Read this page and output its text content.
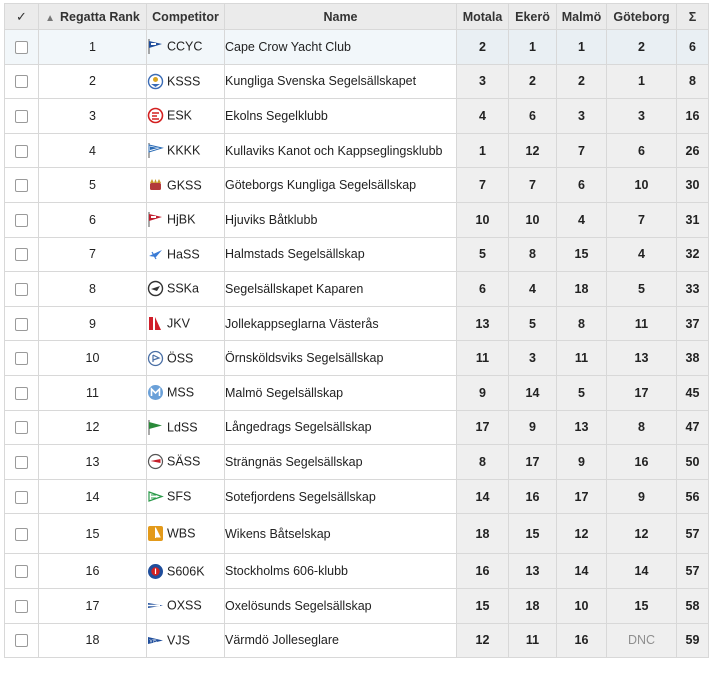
✓	▲ Regatta Rank	Competitor	Name	Motala	Ekerö	Malmö	Göteborg	Σ
	1	CCYC	Cape Crow Yacht Club	2	1	1	2	6
	2	KSSS	Kungliga Svenska Segelsällskapet	3	2	2	1	8
	3	ESK	Ekolns Segelklubb	4	6	3	3	16
	4	KKKK	Kullaviks Kanot och Kappseglingsklubb	1	12	7	6	26
	5	GKSS	Göteborgs Kungliga Segelsällskap	7	7	6	10	30
	6	HjBK	Hjuviks Båtklubb	10	10	4	7	31
	7	HaSS	Halmstads Segelsällskap	5	8	15	4	32
	8	SSKa	Segelsällskapet Kaparen	6	4	18	5	33
	9	JKV	Jollekappseglarna Västerås	13	5	8	11	37
	10	ÖSS	Örnsköldsviks Segelsällskap	11	3	11	13	38
	11	MSS	Malmö Segelsällskap	9	14	5	17	45
	12	LdSS	Långedrags Segelsällskap	17	9	13	8	47
	13	SÄSS	Strängnäs Segelsällskap	8	17	9	16	50
	14	SFS	Sotefjordens Segelsällskap	14	16	17	9	56
	15	WBS	Wikens Båtselskap	18	15	12	12	57
	16	S606K	Stockholms 606-klubb	16	13	14	14	57
	17	OXSS	Oxelösunds Segelsällskap	15	18	10	15	58
	18	VJS VJS	Värmdö Jolleseglare	12	11	16	DNC	59
